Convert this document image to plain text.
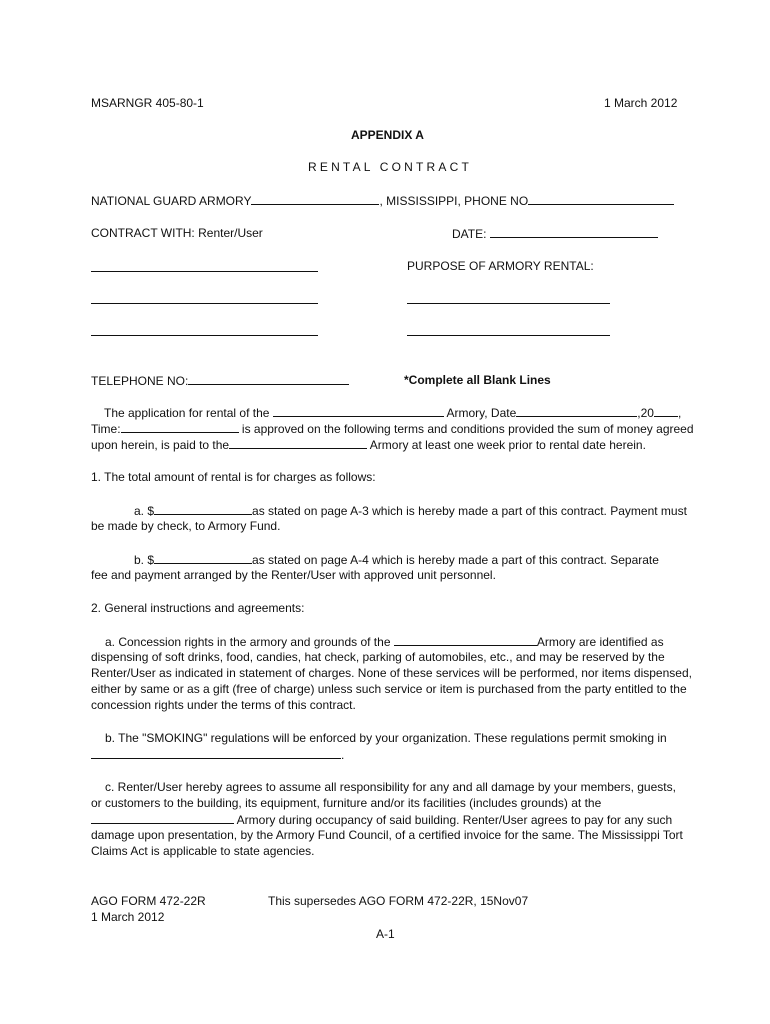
MSARNGR 405-80-1	1 March 2012
APPENDIX A
RENTAL CONTRACT
NATIONAL GUARD ARMORY	, MISSISSIPPI, PHONE NO
CONTRACT WITH: Renter/User	DATE:
PURPOSE OF ARMORY RENTAL:
TELEPHONE NO:	*Complete all Blank Lines
The application for rental of the	Armory, Date	,20 ,
Time:	is approved on the following terms and conditions provided the sum of money agreed
upon herein, is paid to the	Armory at least one week prior to rental date herein.
1. The total amount of rental is for charges as follows:
a. $	as stated on page A-3 which is hereby made a part of this contract. Payment must
be made by check, to Armory Fund.
b. $	as stated on page A-4 which is hereby made a part of this contract. Separate
fee and payment arranged by the Renter/User with approved unit personnel.
2. General instructions and agreements:
a. Concession rights in the armory and grounds of the	Armory are identified as
dispensing of soft drinks, food, candies, hat check, parking of automobiles, etc., and may be reserved by the
Renter/User as indicated in statement of charges. None of these services will be performed, nor items dispensed,
either by same or as a gift (free of charge) unless such service or item is purchased from the party entitled to the
concession rights under the terms of this contract.
b. The "SMOKING" regulations will be enforced by your organization. These regulations permit smoking in
.
c. Renter/User hereby agrees to assume all responsibility for any and all damage by your members, guests,
or customers to the building, its equipment, furniture and/or its facilities (includes grounds) at the
Armory during occupancy of said building. Renter/User agrees to pay for any such
damage upon presentation, by the Armory Fund Council, of a certified invoice for the same. The Mississippi Tort
Claims Act is applicable to state agencies.
AGO FORM 472-22R	This supersedes AGO FORM 472-22R, 15Nov07
1 March 2012
A-1
